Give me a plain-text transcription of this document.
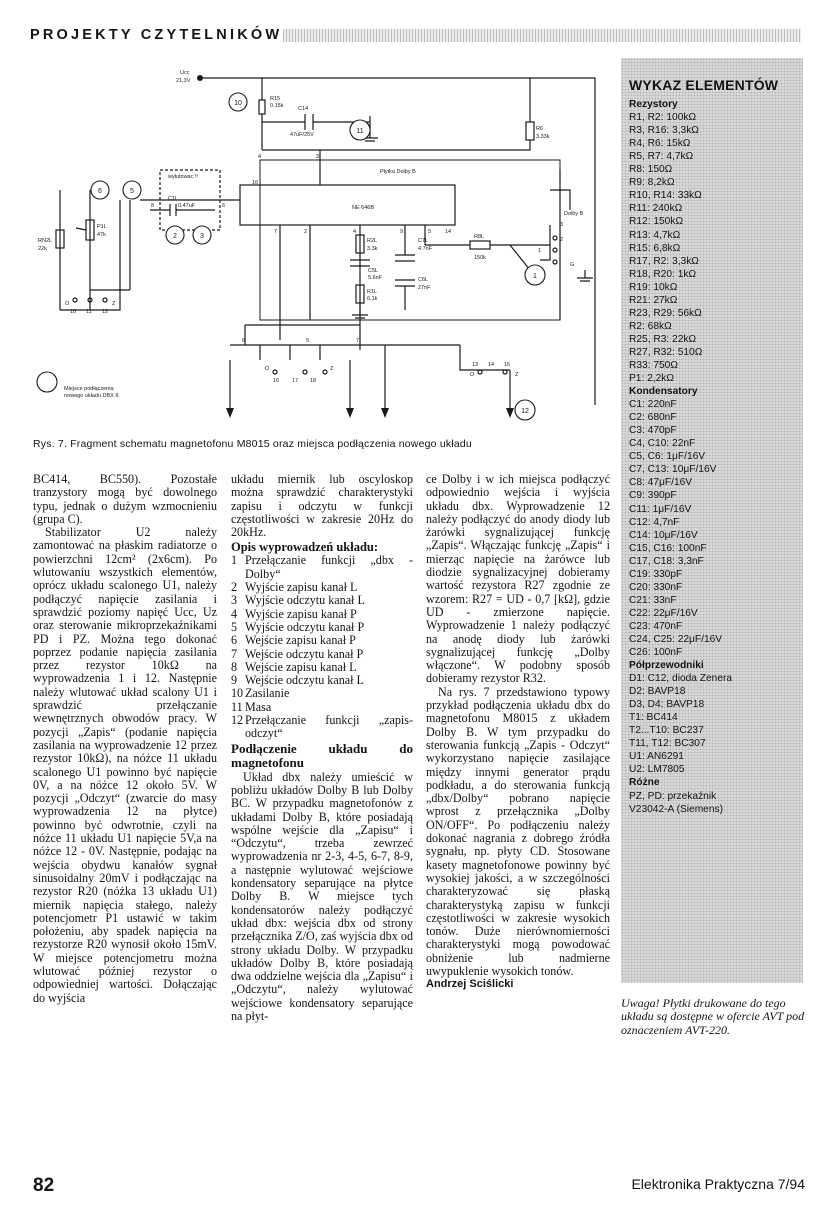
PROJEKTY CZYTELNIKÓW
10
11
6	5
2	3
1
12
Ucc
21,3V
R15
0.15k	C14
47uF/25V
R6
3.33k
Płytka Dolby B
NE 646B
wyłutowac !!
C1L
0.47uF
P1L
47k
RN2L
22k
R2L
3.3k
C5L
5.6nF
R1L
6.1k
C7L
4.7nF
C6L
27nF
R8L
150k
Dolby B
G
Miejsce podłączenia
nowego układu DBX II.
4	3
16
6
8
7	2	4	9	5	14
6	5	7
1
2
3
O	Z
10 11 12
O	Z
16 17 18
13 14 15
O	Z
Rys. 7. Fragment schematu magnetofonu M8015 oraz miejsca podłączenia nowego układu

BC414, BC550). Pozostałe tranzystory mogą być dowolnego typu, jednak o dużym wzmocnieniu (grupa C).

Stabilizator U2 należy zamontować na płaskim radiatorze o powierzchni 12cm² (2x6cm). Po wlutowaniu wszystkich elementów, oprócz układu scalonego U1, należy podłączyć napięcie zasilania i sprawdzić poziomy napięć Ucc, Uz oraz sterowanie mikroprzekaźnikami PD i PZ. Można tego dokonać poprzez podanie napięcia zasilania przez rezystor 10kΩ na wyprowadzenia 1 i 12. Następnie należy wlutować układ scalony U1 i sprawdzić przełączanie wewnętrznych obwodów pracy. W pozycji „Zapis“ (podanie napięcia zasilania na wyprowadzenie 12 przez rezystor 10kΩ), na nóżce 11 układu scalonego U1 powinno być napięcie 0V, a na nóżce 12 około 5V. W pozycji „Odczyt“ (zwarcie do masy wyprowadzenia 12 na płytce) powinno być odwrotnie, czyli na nóżce 11 układu U1 napięcie 5V,a na nóżce 12 - 0V. Następnie, podając na wejścia obydwu kanałów sygnał sinusoidalny 20mV i podłączając na rezystor R20 (nóżka 13 układu U1) miernik napięcia stałego, należy potencjometr P1 ustawić w takim położeniu, aby spadek napięcia na rezystorze R20 wynosił około 15mV. W miejsce potencjometru można wlutować później rezystor o odpowiedniej wartości. Dołączając do wyjścia

układu miernik lub oscyloskop można sprawdzić charakterystyki zapisu i odczytu w funkcji częstotliwości w zakresie 20Hz do 20kHz.

Opis wyprowadzeń układu:
1 Przełączanie funkcji „dbx - Dolby“
2 Wyjście zapisu kanał L
3 Wyjście odczytu kanał L
4 Wyjście zapisu kanał P
5 Wyjście odczytu kanał P
6 Wejście zapisu kanał P
7 Wejście odczytu kanał P
8 Wejście zapisu kanał L
9 Wejście odczytu kanał L
10 Zasilanie
11 Masa
12 Przełączanie funkcji „zapis-odczyt“
Podłączenie układu do magnetofonu

Układ dbx należy umieścić w pobliżu układów Dolby B lub Dolby BC. W przypadku magnetofonów z układami Dolby B, które posiadają wspólne wejście dla „Zapisu“ i “Odczytu“, trzeba zewrzeć wyprowadzenia nr 2-3, 4-5, 6-7, 8-9, a następnie wylutować wejściowe kondensatory separujące na płytce Dolby B. W miejsce tych kondensatorów należy podłączyć układ dbx: wejścia dbx od strony przełącznika Z/O, zaś wyjścia dbx od strony układu Dolby. W przypadku układów Dolby B, które posiadają dwa oddzielne wejścia dla „Zapisu“ i „Odczytu“, należy wylutować wejściowe kondensatory separujące na płyt-

ce Dolby i w ich miejsca podłączyć odpowiednio wejścia i wyjścia układu dbx. Wyprowadzenie 12 należy podłączyć do anody diody lub żarówki sygnalizującej funkcję „Zapis“. Włączając funkcję „Zapis“ i mierząc napięcie na żarówce lub diodzie sygnalizacyjnej dobieramy wartość rezystora R27 zgodnie ze wzorem: R27 = UD - 0,7 [kΩ], gdzie UD - zmierzone napięcie. Wyprowadzenie 1 należy podłączyć na anodę diody lub żarówki sygnalizującej funkcję „Dolby włączone“. W podobny sposób dobieramy rezystor R32.

Na rys. 7 przedstawiono typowy przykład podłączenia układu dbx do magnetofonu M8015 z układem Dolby B. W tym przypadku do sterowania funkcją „Zapis - Odczyt“ wykorzystano napięcie zasilające między innymi generator prądu podkładu, a do sterowania funkcją „dbx/Dolby“ pobrano napięcie wprost z przełącznika „Dolby ON/OFF“. Po podłączeniu należy dokonać nagrania z dobrego źródła sygnału, np. płyty CD. Stosowane kasety magnetofonowe powinny być wysokiej jakości, a w szczególności charakteryzować się płaską charakterystyką zapisu w funkcji częstotliwości w zakresie wysokich tonów. Duże nierównomierności charakterystyki mogą powodować obniżenie lub nadmierne uwypuklenie wysokich tonów.

Andrzej Sciślicki
WYKAZ ELEMENTÓW
Rezystory
R1, R2: 100kΩ
R3, R16: 3,3kΩ
R4, R6: 15kΩ
R5, R7: 4,7kΩ
R8: 150Ω
R9: 8,2kΩ
R10, R14: 33kΩ
R11: 240kΩ
R12: 150kΩ
R13: 4,7kΩ
R15: 6,8kΩ
R17, R2: 3,3kΩ
R18, R20: 1kΩ
R19: 10kΩ
R21: 27kΩ
R23, R29: 56kΩ
R2: 68kΩ
R25, R3: 22kΩ
R27, R32: 510Ω
R33: 750Ω
P1: 2,2kΩ
Kondensatory
C1: 220nF
C2: 680nF
C3: 470pF
C4, C10: 22nF
C5, C6: 1μF/16V
C7, C13: 10μF/16V
C8: 47μF/16V
C9: 390pF
C11: 1μF/16V
C12: 4,7nF
C14: 10μF/16V
C15, C16: 100nF
C17, C18: 3,3nF
C19: 330pF
C20: 330nF
C21: 33nF
C22: 22μF/16V
C23: 470nF
C24, C25: 22μF/16V
C26: 100nF
Półprzewodniki
D1: C12, dioda Zenera
D2: BAVP18
D3, D4: BAVP18
T1: BC414
T2...T10: BC237
T11, T12: BC307
U1: AN6291
U2: LM7805
Różne
PZ, PD: przekaźnik
V23042-A (Siemens)
Uwaga! Płytki drukowane do tego układu są dostępne w ofercie AVT pod oznaczeniem AVT-220.
82	Elektronika Praktyczna 7/94
